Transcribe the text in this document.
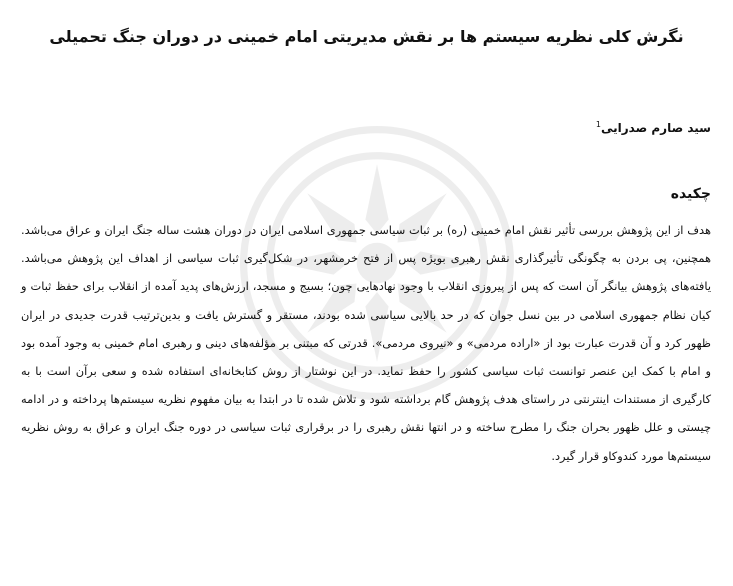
نگرش کلی نظریه سیستم ها بر نقش مدیریتی امام خمینی در دوران جنگ تحمیلی

سید صارم صدرایی$^1$

چکیده

هدف از این پژوهش بررسی تأثیر نقش امام خمینی (ره) بر ثبات سیاسی جمهوری اسلامی ایران در دوران هشت ساله جنگ ایران و عراق می‌باشد. همچنین، پی بردن به چگونگی تأثیرگذاری نقش رهبری بویژه پس از فتح خرمشهر، در شکل‌گیری ثبات سیاسی از اهداف این پژوهش می‌باشد. یافته‌های پژوهش بیانگر آن است که پس از پیروزی انقلاب با وجود نهادهایی چون؛ بسیج و مسجد، ارزش‌های پدید آمده از انقلاب برای حفظ ثبات و کیان نظام جمهوری اسلامی در بین نسل جوان که در حد بالایی سیاسی شده بودند، مستقر و گسترش یافت و بدین‌ترتیب قدرت جدیدی در ایران ظهور کرد و آن قدرت عبارت بود از «اراده مردمی» و «نیروی مردمی». قدرتی که مبتنی بر مؤلفه‌های دینی و رهبری امام خمینی به وجود آمده بود و امام با کمک این عنصر توانست ثبات سیاسی کشور را حفظ نماید. در این نوشتار از روش کتابخانه‌ای استفاده شده و سعی برآن است با به کارگیری از مستندات اینترنتی در راستای هدف پژوهش گام برداشته شود و تلاش شده تا در ابتدا به بیان مفهوم نظریه سیستم‌ها پرداخته و در ادامه چیستی و علل ظهور بحران جنگ را مطرح ساخته و در انتها نقش رهبری را در برقراری ثبات سیاسی در دوره جنگ ایران و عراق به روش نظریه سیستم‌ها مورد کندوکاو قرار گیرد.
